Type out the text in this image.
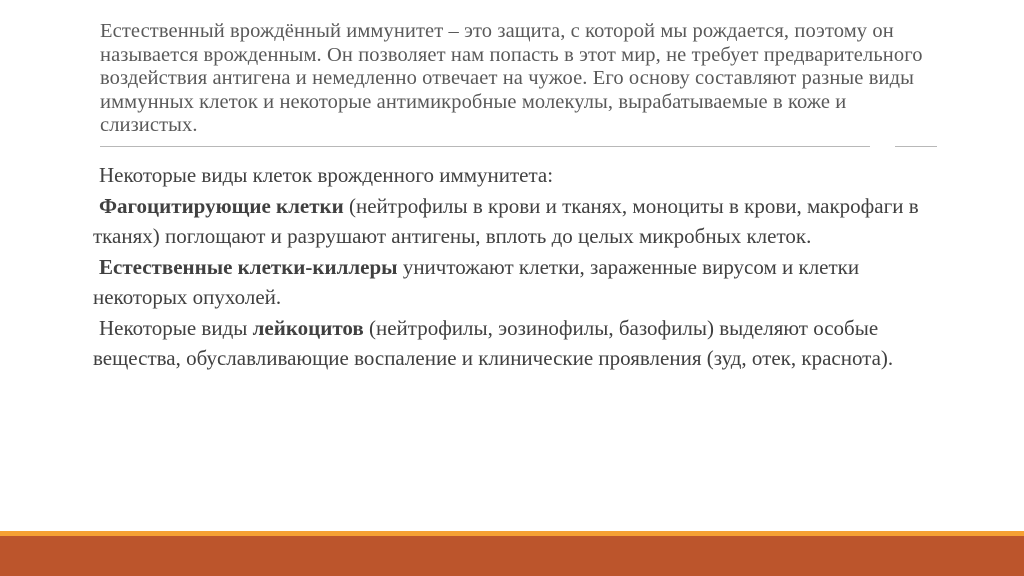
Естественный врождённый иммунитет – это защита, с которой мы рождается, поэтому он называется врожденным. Он позволяет нам попасть в этот мир, не требует предварительного воздействия антигена и немедленно отвечает на чужое. Его основу составляют разные виды иммунных клеток и некоторые антимикробные молекулы, вырабатываемые в коже и слизистых.

Некоторые виды клеток врожденного иммунитета:

Фагоцитирующие клетки (нейтрофилы в крови и тканях, моноциты в крови, макрофаги в тканях) поглощают и разрушают антигены, вплоть до целых микробных клеток.

Естественные клетки-киллеры уничтожают клетки, зараженные вирусом и клетки некоторых опухолей.

Некоторые виды лейкоцитов (нейтрофилы, эозинофилы, базофилы) выделяют особые вещества, обуславливающие воспаление и клинические проявления (зуд, отек, краснота).
